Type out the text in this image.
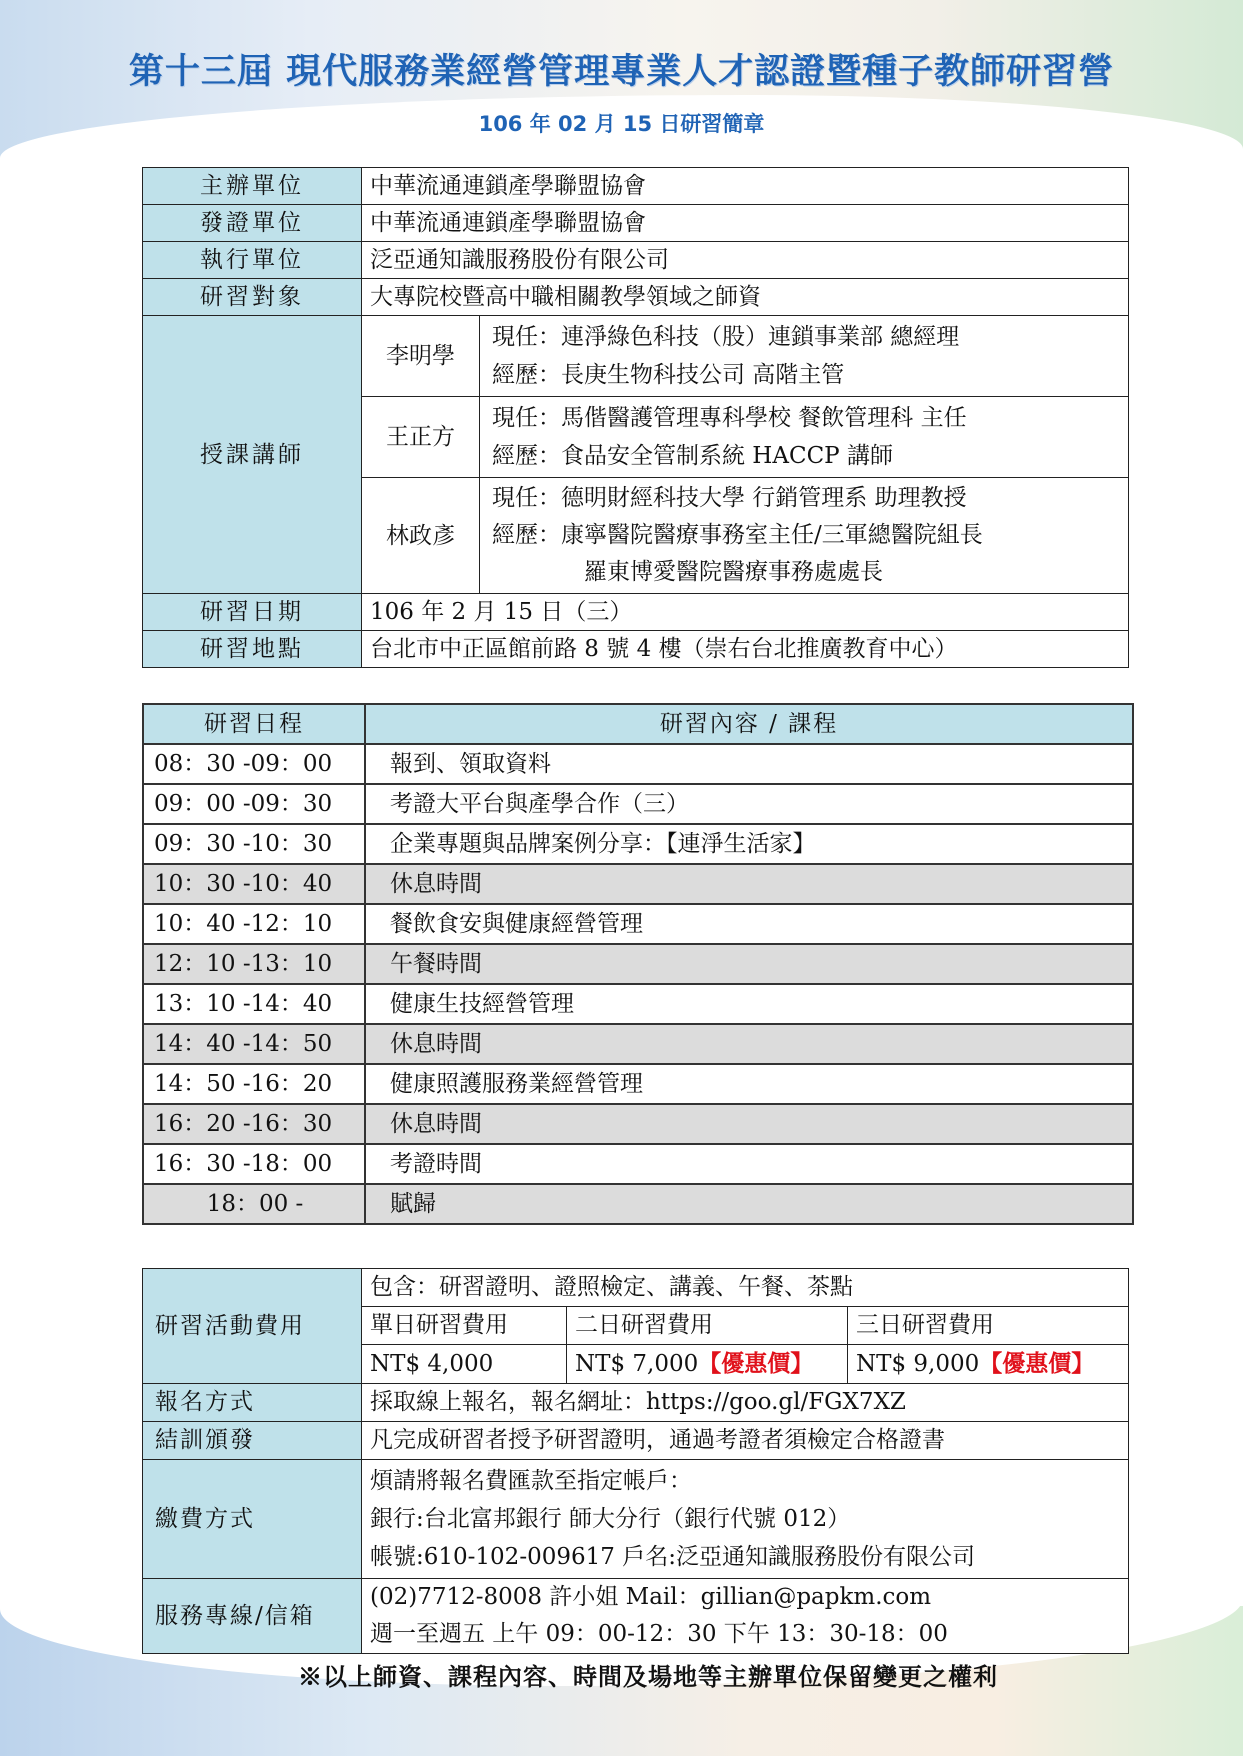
第十三屆 現代服務業經營管理專業人才認證暨種子教師研習營
106 年 02 月 15 日研習簡章
主辦單位	中華流通連鎖產學聯盟協會	
發證單位	中華流通連鎖產學聯盟協會	
執行單位	泛亞通知識服務股份有限公司	
研習對象	大專院校暨高中職相關教學領域之師資	
授課講師	李明學	現任：連淨綠色科技（股）連鎖事業部 總經理
經歷：長庚生物科技公司 高階主管

	王正方	現任：馬偕醫護管理專科學校 餐飲管理科 主任
經歷：食品安全管制系統 HACCP 講師

	林政彥	現任：德明財經科技大學 行銷管理系 助理教授
經歷：康寧醫院醫療事務室主任/三軍總醫院組長
羅東博愛醫院醫療事務處處長

研習日期	106 年 2 月 15 日（三）	
研習地點	台北市中正區館前路 8 號 4 樓（崇右台北推廣教育中心）	
研習日程	研習內容 / 課程
08：30 -09：00	報到、領取資料
09：00 -09：30	考證大平台與產學合作（三）
09：30 -10：30	企業專題與品牌案例分享：【連淨生活家】
10：30 -10：40	休息時間
10：40 -12：10	餐飲食安與健康經營管理
12：10 -13：10	午餐時間
13：10 -14：40	健康生技經營管理
14：40 -14：50	休息時間
14：50 -16：20	健康照護服務業經營管理
16：20 -16：30	休息時間
16：30 -18：00	考證時間
18：00 -	賦歸
研習活動費用	包含：研習證明、證照檢定、講義、午餐、茶點		
	單日研習費用	二日研習費用	三日研習費用
	NT$ 4,000	NT$ 7,000【優惠價】	NT$ 9,000【優惠價】
報名方式	採取線上報名，報名網址：https://goo.gl/FGX7XZ		
結訓頒發	凡完成研習者授予研習證明，通過考證者須檢定合格證書		
繳費方式	煩請將報名費匯款至指定帳戶：
銀行:台北富邦銀行 師大分行（銀行代號 012）
帳號:610-102-009617 戶名:泛亞通知識服務股份有限公司		

服務專線/信箱	(02)7712-8008 許小姐 Mail：gillian@papkm.com
週一至週五 上午 09：00-12：30 下午 13：30-18：00		
※以上師資、課程內容、時間及場地等主辦單位保留變更之權利
